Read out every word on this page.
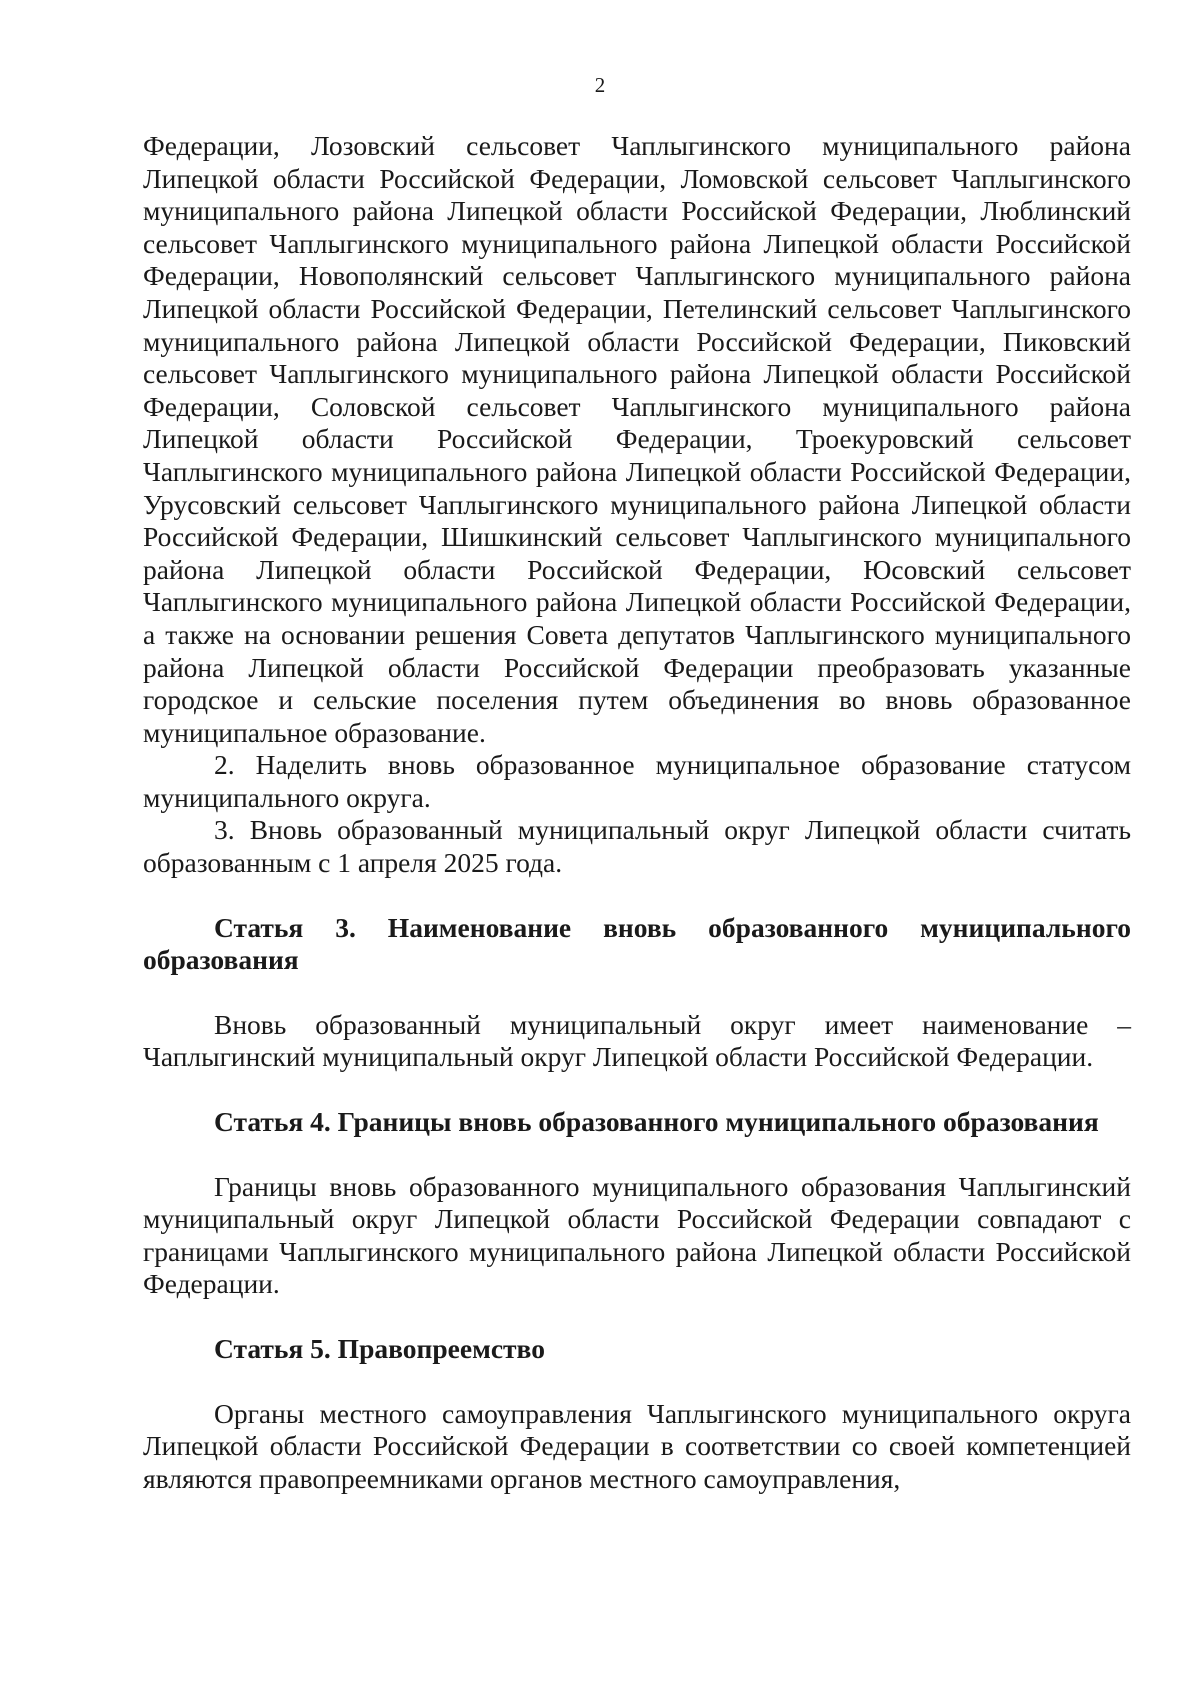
2

Федерации, Лозовский сельсовет Чаплыгинского муниципального района Липецкой области Российской Федерации, Ломовской сельсовет Чаплыгинского муниципального района Липецкой области Российской Федерации, Люблинский сельсовет Чаплыгинского муниципального района Липецкой области Российской Федерации, Новополянский сельсовет Чаплыгинского муниципального района Липецкой области Российской Федерации, Петелинский сельсовет Чаплыгинского муниципального района Липецкой области Российской Федерации, Пиковский сельсовет Чаплыгинского муниципального района Липецкой области Российской Федерации, Соловской сельсовет Чаплыгинского муниципального района Липецкой области Российской Федерации, Троекуровский сельсовет Чаплыгинского муниципального района Липецкой области Российской Федерации, Урусовский сельсовет Чаплыгинского муниципального района Липецкой области Российской Федерации, Шишкинский сельсовет Чаплыгинского муниципального района Липецкой области Российской Федерации, Юсовский сельсовет Чаплыгинского муниципального района Липецкой области Российской Федерации, а также на основании решения Совета депутатов Чаплыгинского муниципального района Липецкой области Российской Федерации преобразовать указанные городское и сельские поселения путем объединения во вновь образованное муниципальное образование.

2. Наделить вновь образованное муниципальное образование статусом муниципального округа.

3. Вновь образованный муниципальный округ Липецкой области считать образованным с 1 апреля 2025 года.

Статья 3. Наименование вновь образованного муниципального образования

Вновь образованный муниципальный округ имеет наименование – Чаплыгинский муниципальный округ Липецкой области Российской Федерации.

Статья 4. Границы вновь образованного муниципального образования

Границы вновь образованного муниципального образования Чаплыгинский муниципальный округ Липецкой области Российской Федерации совпадают с границами Чаплыгинского муниципального района Липецкой области Российской Федерации.

Статья 5. Правопреемство

Органы местного самоуправления Чаплыгинского муниципального округа Липецкой области Российской Федерации в соответствии со своей компетенцией являются правопреемниками органов местного самоуправления,
